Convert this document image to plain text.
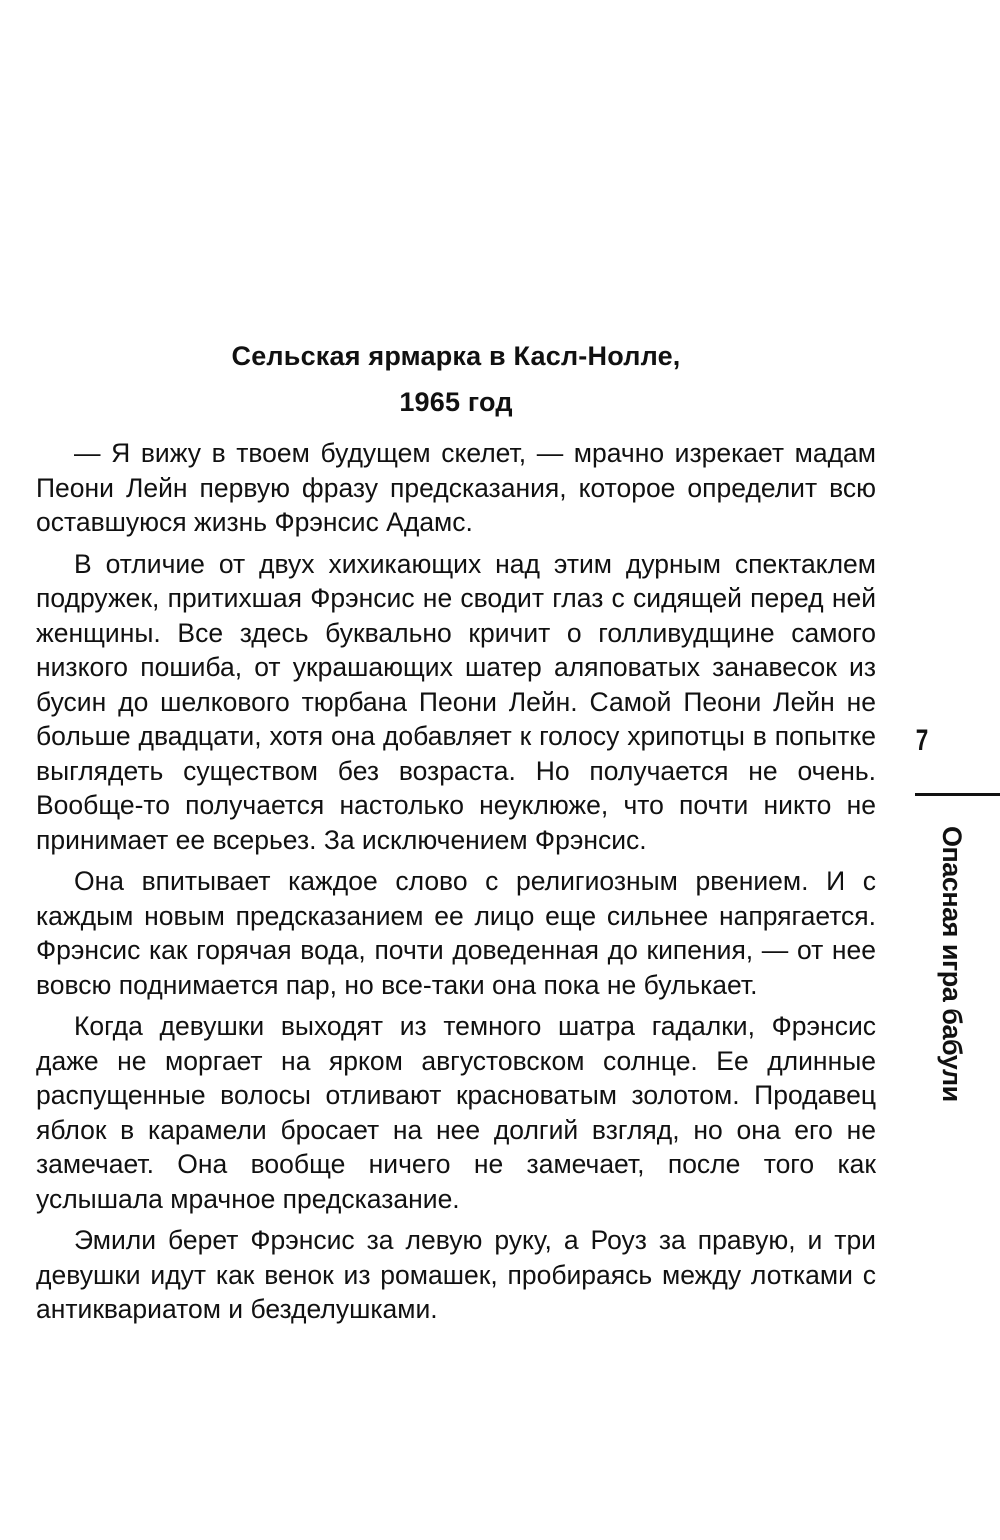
Сельская ярмарка в Касл-Нолле,
1965 год

— Я вижу в твоем будущем скелет, — мрачно изрекает мадам Пеони Лейн первую фразу предсказания, которое определит всю оставшуюся жизнь Фрэнсис Адамс.

В отличие от двух хихикающих над этим дурным спектаклем подружек, притихшая Фрэнсис не сводит глаз с сидящей перед ней женщины. Все здесь буквально кричит о голливудщине самого низкого пошиба, от украшающих шатер аляповатых занавесок из бусин до шелкового тюрбана Пеони Лейн. Самой Пеони Лейн не больше двадцати, хотя она добавляет к голосу хрипотцы в попытке выглядеть существом без возраста. Но получается не очень. Вообще-то получается настолько неуклюже, что почти никто не принимает ее всерьез. За исключением Фрэнсис.

Она впитывает каждое слово с религиозным рвением. И с каждым новым предсказанием ее лицо еще сильнее напрягается. Фрэнсис как горячая вода, почти доведенная до кипения, — от нее вовсю поднимается пар, но все-таки она пока не булькает.

Когда девушки выходят из темного шатра гадалки, Фрэнсис даже не моргает на ярком августовском солнце. Ее длинные распущенные волосы отливают красноватым золотом. Продавец яблок в карамели бросает на нее долгий взгляд, но она его не замечает. Она вообще ничего не замечает, после того как услышала мрачное предсказание.

Эмили берет Фрэнсис за левую руку, а Роуз за правую, и три девушки идут как венок из ромашек, пробираясь между лотками с антиквариатом и безделушками.

7
Опасная игра бабули
